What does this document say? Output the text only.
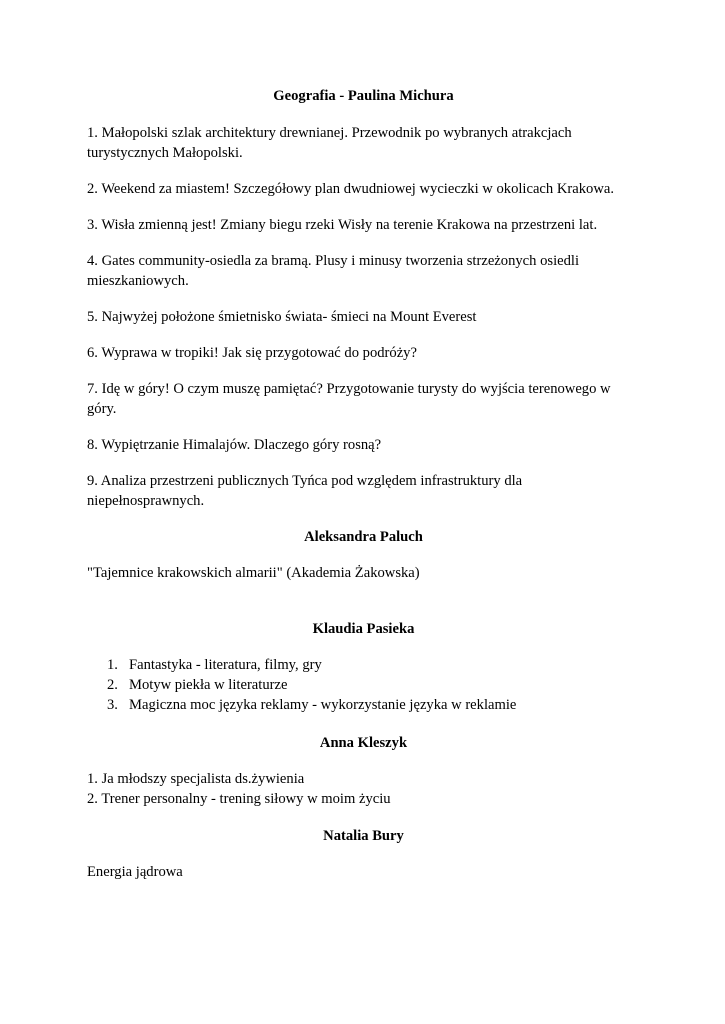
Geografia - Paulina Michura

1. Małopolski szlak architektury drewnianej. Przewodnik po wybranych atrakcjach turystycznych Małopolski.

2. Weekend za miastem! Szczegółowy plan dwudniowej wycieczki w okolicach Krakowa.

3. Wisła zmienną jest! Zmiany biegu rzeki Wisły na terenie Krakowa na przestrzeni lat.

4. Gates community-osiedla za bramą. Plusy i minusy tworzenia strzeżonych osiedli mieszkaniowych.

5. Najwyżej położone śmietnisko świata- śmieci na Mount Everest

6. Wyprawa w tropiki! Jak się przygotować do podróży?

7. Idę w góry! O czym muszę pamiętać? Przygotowanie turysty do wyjścia terenowego w góry.

8. Wypiętrzanie Himalajów. Dlaczego góry rosną?

9. Analiza przestrzeni publicznych Tyńca pod względem infrastruktury dla niepełnosprawnych.

Aleksandra Paluch

"Tajemnice krakowskich almarii" (Akademia Żakowska)

Klaudia Pasieka

1. Fantastyka - literatura, filmy, gry
2. Motyw piekła w literaturze
3. Magiczna moc języka reklamy - wykorzystanie języka w reklamie

Anna Kleszyk

1. Ja młodszy specjalista ds.żywienia

2. Trener personalny - trening siłowy w moim życiu

Natalia Bury

Energia jądrowa
